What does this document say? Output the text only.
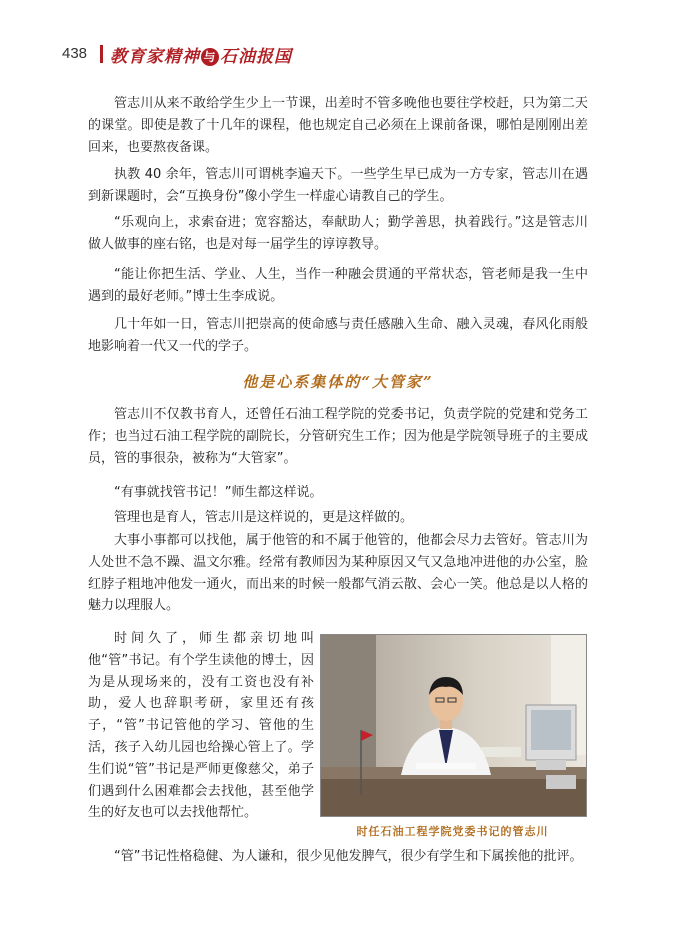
438 教育家精神 与 石油报国

管志川从来不敢给学生少上一节课，出差时不管多晚他也要往学校赶，只为第二天的课堂。即使是教了十几年的课程，他也规定自己必须在上课前备课，哪怕是刚刚出差回来，也要熬夜备课。

执教 40 余年，管志川可谓桃李遍天下。一些学生早已成为一方专家，管志川在遇到新课题时，会“互换身份”像小学生一样虚心请教自己的学生。

“乐观向上，求索奋进；宽容豁达，奉献助人；勤学善思，执着践行。”这是管志川做人做事的座右铭，也是对每一届学生的谆谆教导。

“能让你把生活、学业、人生，当作一种融会贯通的平常状态，管老师是我一生中遇到的最好老师。”博士生李成说。

几十年如一日，管志川把崇高的使命感与责任感融入生命、融入灵魂，春风化雨般地影响着一代又一代的学子。

他是心系集体的“大管家”

管志川不仅教书育人，还曾任石油工程学院的党委书记，负责学院的党建和党务工作；也当过石油工程学院的副院长，分管研究生工作；因为他是学院领导班子的主要成员，管的事很杂，被称为“大管家”。

“有事就找管书记！”师生都这样说。

管理也是育人，管志川是这样说的，更是这样做的。

大事小事都可以找他，属于他管的和不属于他管的，他都会尽力去管好。管志川为人处世不急不躁、温文尔雅。经常有教师因为某种原因又气又急地冲进他的办公室，脸红脖子粗地冲他发一通火，而出来的时候一般都气消云散、会心一笑。他总是以人格的魅力以理服人。

时间久了，师生都亲切地叫他“管”书记。有个学生读他的博士，因为是从现场来的，没有工资也没有补助，爱人也辞职考研，家里还有孩子，“管”书记管他的学习、管他的生活，孩子入幼儿园也给操心管上了。学生们说“管”书记是严师更像慈父，弟子们遇到什么困难都会去找他，甚至他学生的好友也可以去找他帮忙。

时任石油工程学院党委书记的管志川

“管”书记性格稳健、为人谦和，很少见他发脾气，很少有学生和下属挨他的批评。
